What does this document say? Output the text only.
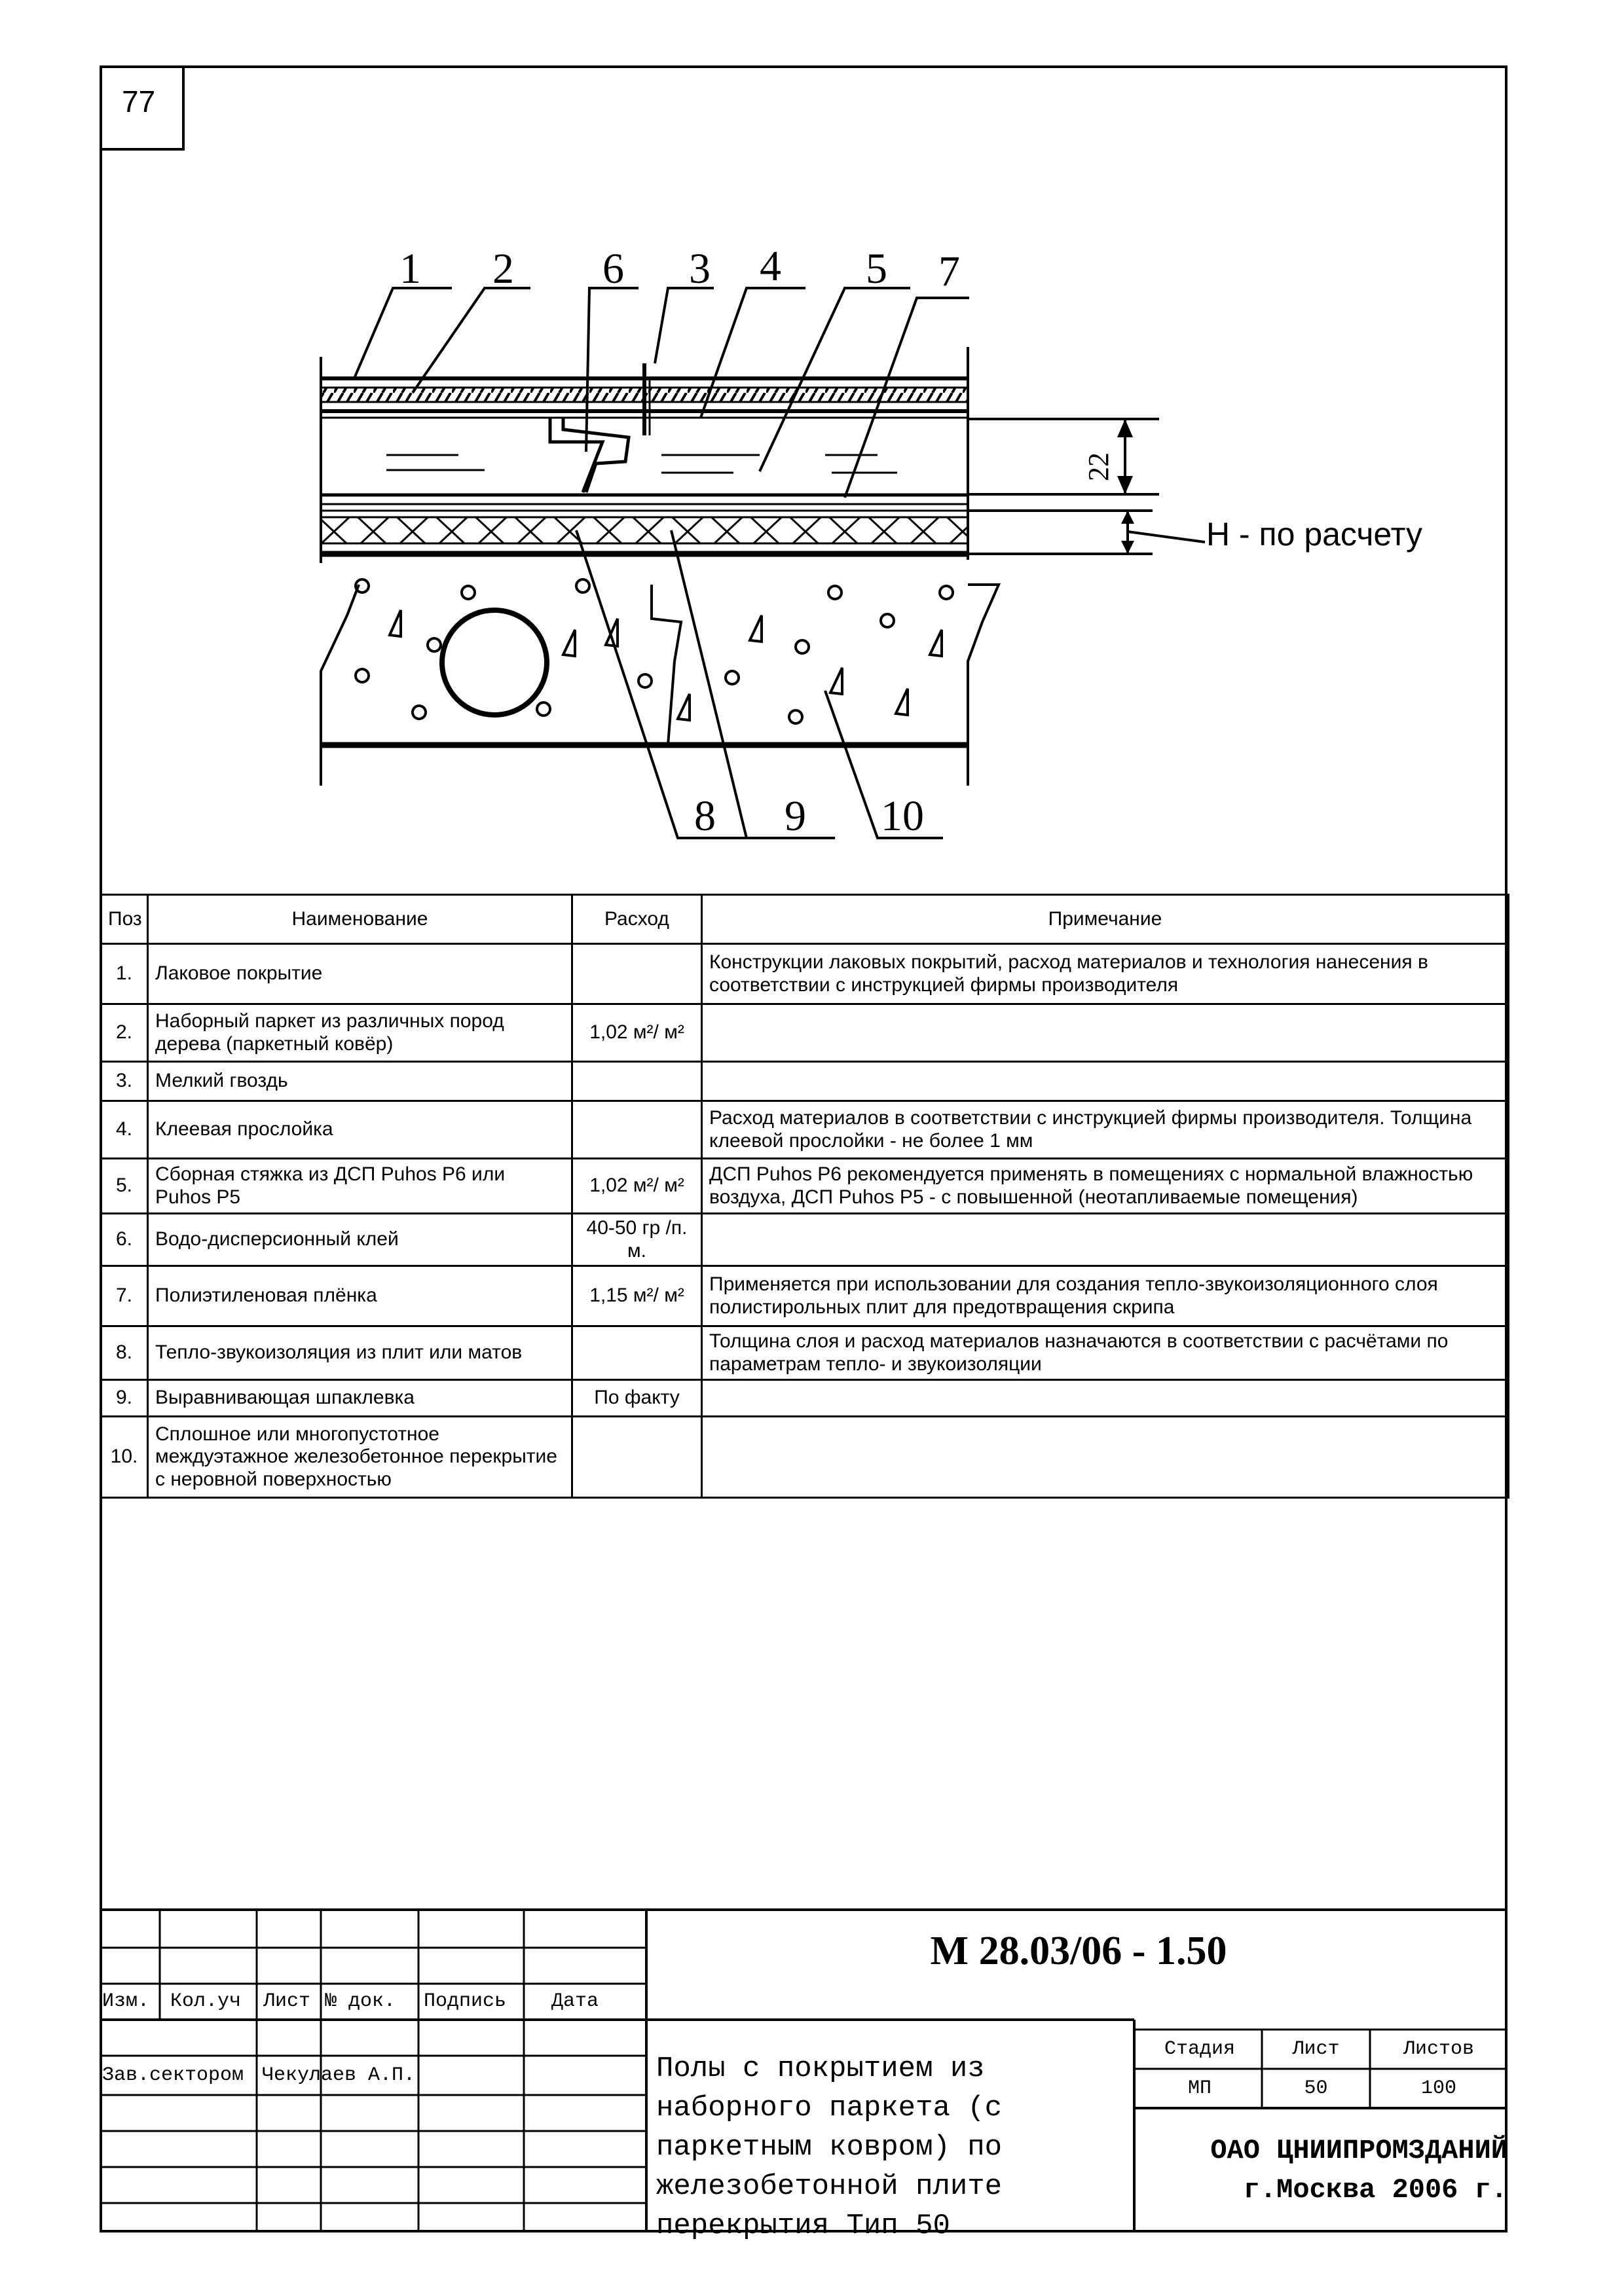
77
1 2 6 3 4 5 7
8 9 10
22
Н - по расчету
Поз	Наименование	Расход	Примечание
1.	Лаковое покрытие		Конструкции лаковых покрытий, расход материалов и технология нанесения в соответствии с инструкцией фирмы производителя
2.	Наборный паркет из различных пород дерева (паркетный ковёр)	1,02 м²/ м²	
3.	Мелкий гвоздь		
4.	Клеевая прослойка		Расход материалов в соответствии с инструкцией фирмы производителя. Толщина клеевой прослойки - не более 1 мм
5.	Сборная стяжка из ДСП Puhos P6 или Puhos P5	1,02 м²/ м²	ДСП Puhos P6 рекомендуется применять в помещениях с нормальной влажностью воздуха, ДСП Puhos P5 - с повышенной (неотапливаемые помещения)
6.	Водо-дисперсионный клей	40-50 гр /п. м.	
7.	Полиэтиленовая плёнка	1,15 м²/ м²	Применяется при использовании для создания тепло-звукоизоляционного слоя полистирольных плит для предотвращения скрипа
8.	Тепло-звукоизоляция из плит или матов		Толщина слоя и расход материалов назначаются в соответствии с расчётами по параметрам тепло- и звукоизоляции
9.	Выравнивающая шпаклевка	По факту	
10.	Сплошное или многопустотное междуэтажное железобетонное перекрытие с неровной поверхностью		
Изм. Кол.уч Лист № док. Подпись Дата
Зав.сектором Чекулаев А.П.
М 28.03/06 - 1.50
Полы с покрытием из наборного паркета (с паркетным ковром) по железобетонной плите перекрытия Тип 50
Стадия	Лист	Листов
МП	50	100
ОАО ЦНИИПРОМЗДАНИЙ
г.Москва 2006 г.
